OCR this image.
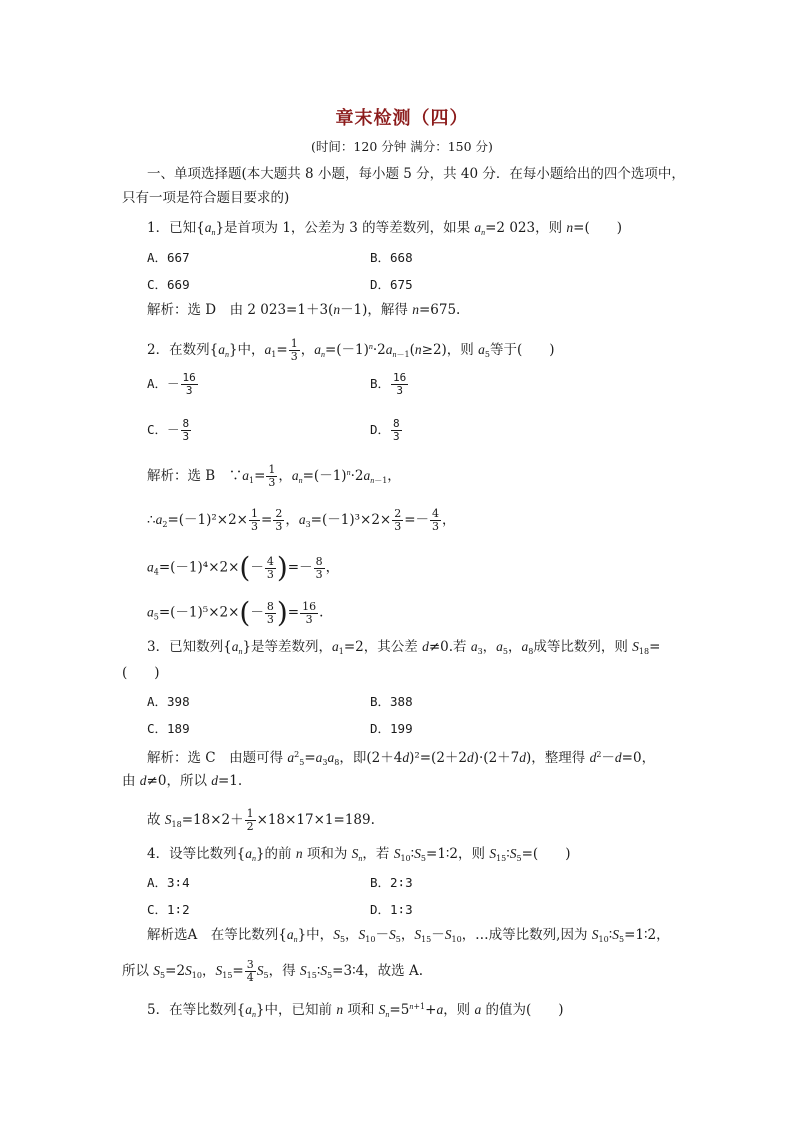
章末检测（四）
(时间：120 分钟 满分：150 分)
一、单项选择题(本大题共 8 小题，每小题 5 分，共 40 分．在每小题给出的四个选项中，
只有一项是符合题目要求的)
1．已知$\{a_n\}$是首项为 1，公差为 3 的等差数列，如果 $a_n=2$ 023，则 n=(　　)
A．667	B．668
C．669	D．675
解析：选 D　由 2 023=1＋3(n－1)，解得 n=675.
2．在数列$\{a_n\}$中，$a_1= \frac{1}{3}$ ，$a_n=(-1)^n\cdot 2a_{n-1}(n\ge 2)$，则 $a_5$等于(　　)
A．－ $\frac{16}{3}$	B． $\frac{16}{3}$
C．－ $\frac{8}{3}$	D． $\frac{8}{3}$
解析：选 B　$\because a_1= \frac{1}{3}$ ，$a_n=(-1)^n\cdot 2a_{n-1}$，
$\therefore a_2=(-1)^2\times 2\times \frac{1}{3} = \frac{2}{3}$ ，$a_3=(-1)^3\times 2\times \frac{2}{3} =- \frac{4}{3}$ ，
$a_4=(-1)^4\times 2\times(- \frac{4}{3}$ )=－ $\frac{8}{3}$ ，
$a_5=(-1)^5\times 2\times(- \frac{8}{3}$ )= $\frac{16}{3}$ .
3．已知数列$\{a_n\}$是等差数列，$a_1=2$，其公差 d≠0.若 $a_3$，$a_5$，$a_8$成等比数列，则 $S_{18}=$
(　　)
A．398	B．388
C．189	D．199
解析：选 C　由题可得 $a^2_5=a_3a_8$，即(2＋4d)²=(2＋2d)·(2＋7d)，整理得 $d^2-d=0$，
由 d≠0，所以 d=1.
故 $S_{18}=18\times 2+ \frac{1}{2} \times 18\times 17\times 1=189$.
4．设等比数列$\{a_n\}$的前 n 项和为 $S_n$，若 $S_{10}∶S_5=1∶2$，则 $S_{15}∶S_5=$(　　)
A．3∶4	B．2∶3
C．1∶2	D．1∶3
解析选A　在等比数列$\{a_n\}$中，$S_5$，$S_{10}-S_5$，$S_{15}-S_{10}$，…成等比数列,因为 $S_{10}∶S_5=1∶2$，
所以 $S_5=2S_{10}$，$S_{15}= \frac{3}{4} S_5$，得 $S_{15}∶S_5=3∶4$，故选 A.
5．在等比数列$\{a_n\}$中，已知前 n 项和 $S_n=5^{n+1}+a$，则 a 的值为(　　)
